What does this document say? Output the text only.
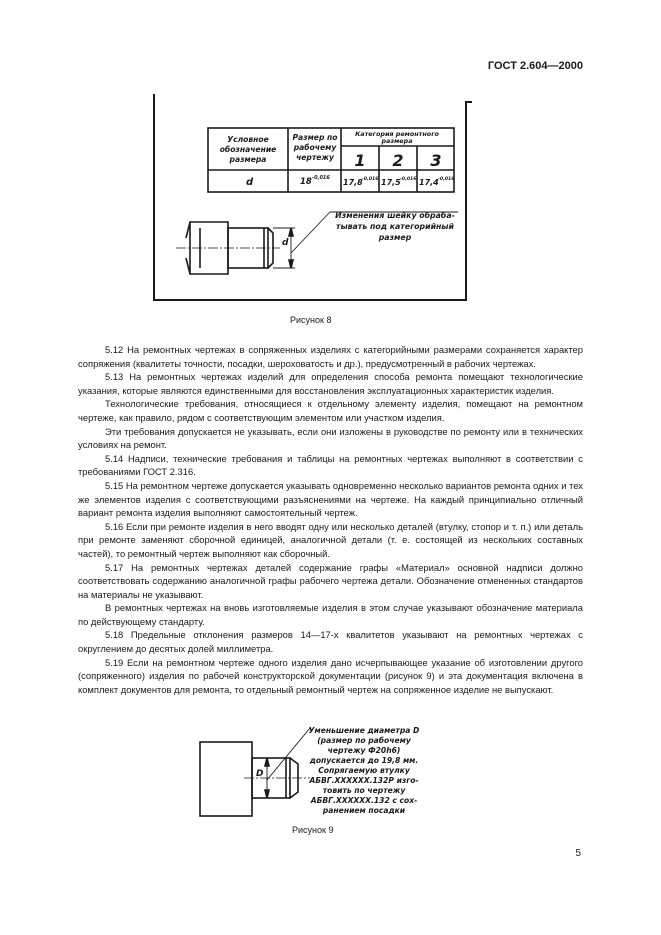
ГОСТ 2.604—2000
Условное
обозначение
размера
Размер по
рабочему
чертежу
Категория ремонтного
размера
1 2 3
d	18 -0,016 17,8 -0,016 17,5 -0,016 17,4 -0,016
d
Изменения шейку обраба-
тывать под категорийный
размер
Рисунок 8

5.12 На ремонтных чертежах в сопряженных изделиях с категорийными размерами сохраняется характер сопряжения (квалитеты точности, посадки, шероховатость и др.), предусмотренный в рабочих чертежах.

5.13 На ремонтных чертежах изделий для определения способа ремонта помещают технологические указания, которые являются единственными для восстановления эксплуатационных характеристик изделия.

Технологические требования, относящиеся к отдельному элементу изделия, помещают на ремонтном чертеже, как правило, рядом с соответствующим элементом или участком изделия.

Эти требования допускается не указывать, если они изложены в руководстве по ремонту или в технических условиях на ремонт.

5.14 Надписи, технические требования и таблицы на ремонтных чертежах выполняют в соответствии с требованиями ГОСТ 2.316.

5.15 На ремонтном чертеже допускается указывать одновременно несколько вариантов ремонта одних и тех же элементов изделия с соответствующими разъяснениями на чертеже. На каждый принципиально отличный вариант ремонта изделия выполняют самостоятельный чертеж.

5.16 Если при ремонте изделия в него вводят одну или несколько деталей (втулку, стопор и т. п.) или деталь при ремонте заменяют сборочной единицей, аналогичной детали (т. е. состоящей из нескольких составных частей), то ремонтный чертеж выполняют как сборочный.

5.17 На ремонтных чертежах деталей содержание графы «Материал» основной надписи должно соответствовать содержанию аналогичной графы рабочего чертежа детали. Обозначение отмененных стандартов на материалы не указывают.

В ремонтных чертежах на вновь изготовляемые изделия в этом случае указывают обозначение материала по действующему стандарту.

5.18 Предельные отклонения размеров 14—17-х квалитетов указывают на ремонтных чертежах с округлением до десятых долей миллиметра.

5.19 Если на ремонтном чертеже одного изделия дано исчерпывающее указание об изготовлении другого (сопряженного) изделия по рабочей конструкторской документации (рисунок 9) и эта документация включена в комплект документов для ремонта, то отдельный ремонтный чертеж на сопряженное изделие не выпускают.

D
Уменьшение диаметра D
(размер по рабочему
чертежу Ф20h6)
допускается до 19,8 мм.
Сопрягаемую втулку
АБВГ.XXXXXX.132Р изго-
товить по чертежу
АБВГ.XXXXXX.132 с сох-
ранением посадки
Рисунок 9
5
